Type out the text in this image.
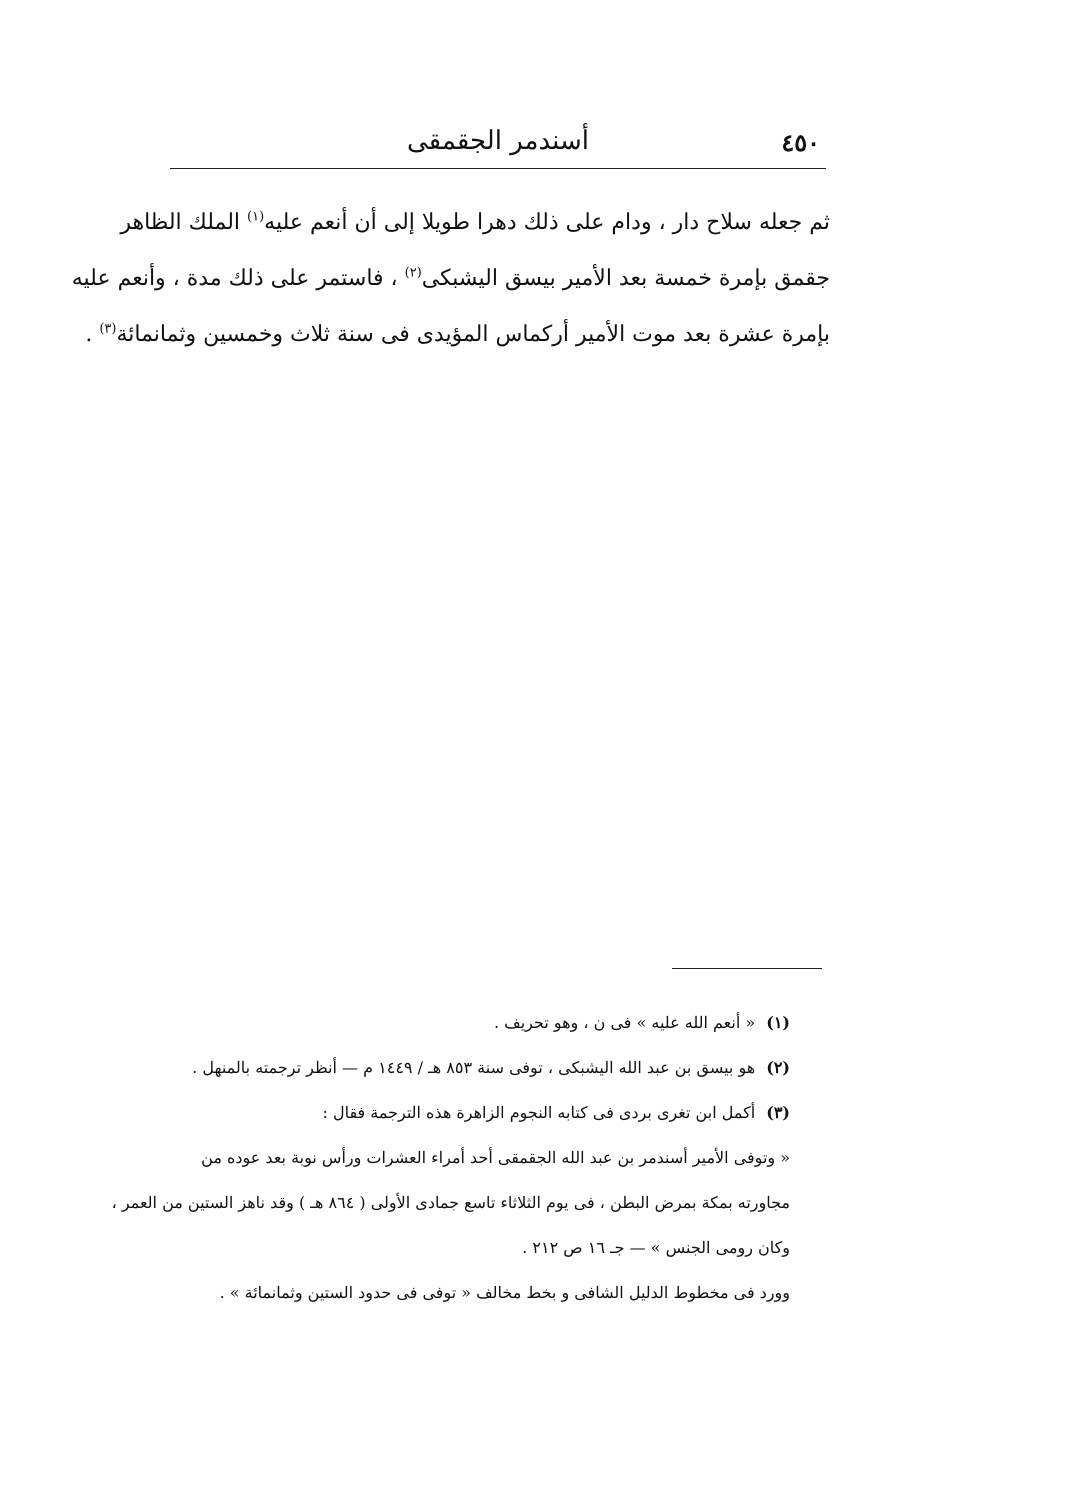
٤٥٠
أسندمر الجقمقى
ثم جعله سلاح دار ، ودام على ذلك دهرا طويلا إلى أن أنعم عليه$^{(١)}$ الملك الظاهر
جقمق بإمرة خمسة بعد الأمير بيسق اليشبكى$^{(٢)}$ ، فاستمر على ذلك مدة ، وأنعم عليه
بإمرة عشرة بعد موت الأمير أركماس المؤيدى فى سنة ثلاث وخمسين وثمانمائة$^{(٣)}$ .
(١) « أنعم الله عليه » فى ن ، وهو تحريف .
(٢) هو بيسق بن عبد الله اليشبكى ، توفى سنة ٨٥٣ هـ / ١٤٤٩ م — أنظر ترجمته بالمنهل .
(٣) أكمل ابن تغرى بردى فى كتابه النجوم الزاهرة هذه الترجمة فقال :
« وتوفى الأمير أسندمر بن عبد الله الجقمقى أحد أمراء العشرات ورأس نوبة بعد عوده من
مجاورته بمكة بمرض البطن ، فى يوم الثلاثاء تاسع جمادى الأولى ( ٨٦٤ هـ ) وقد ناهز الستين من العمر ،
وكان رومى الجنس » — جـ ١٦ ص ٢١٢ .
وورد فى مخطوط الدليل الشافى و بخط مخالف « توفى فى حدود الستين وثمانمائة » .
